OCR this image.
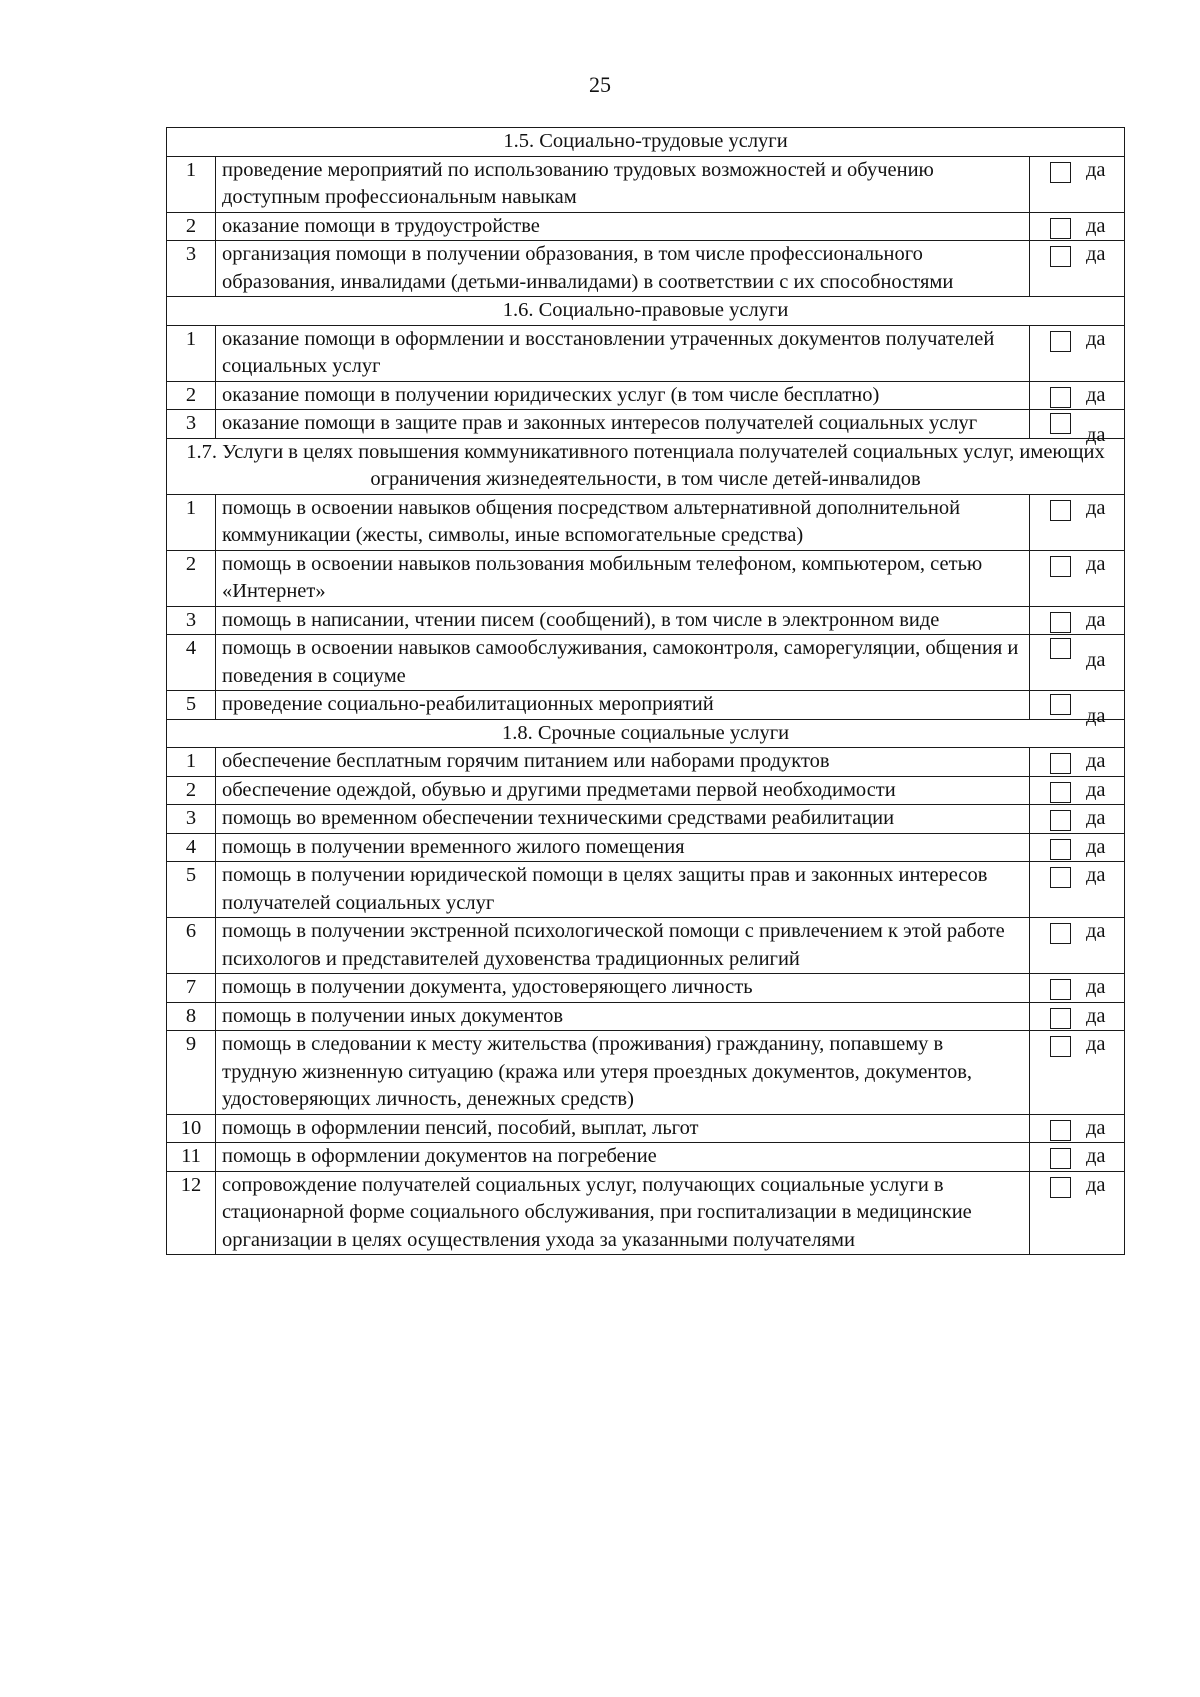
25
1.5. Социально-трудовые услуги		
1	проведение мероприятий по использованию трудовых возможностей и обучению доступным профессиональным навыкам	да

2	оказание помощи в трудоустройстве	да

3	организация помощи в получении образования, в том числе профессионального образования, инвалидами (детьми-инвалидами) в соответствии с их способностями	да

1.6. Социально-правовые услуги		
1	оказание помощи в оформлении и восстановлении утраченных документов получателей социальных услуг	да

2	оказание помощи в получении юридических услуг (в том числе бесплатно)	да

3	оказание помощи в защите прав и законных интересов получателей социальных услуг	да

1.7. Услуги в целях повышения коммуникативного потенциала получателей социальных услуг, имеющих ограничения жизнедеятельности, в том числе детей-инвалидов		
1	помощь в освоении навыков общения посредством альтернативной дополнительной коммуникации (жесты, символы, иные вспомогательные средства)	да

2	помощь в освоении навыков пользования мобильным телефоном, компьютером, сетью «Интернет»	да

3	помощь в написании, чтении писем (сообщений), в том числе в электронном виде	да

4	помощь в освоении навыков самообслуживания, самоконтроля, саморегуляции, общения и поведения в социуме	да

5	проведение социально-реабилитационных мероприятий	да

1.8. Срочные социальные услуги		
1	обеспечение бесплатным горячим питанием или наборами продуктов	да

2	обеспечение одеждой, обувью и другими предметами первой необходимости	да

3	помощь во временном обеспечении техническими средствами реабилитации	да

4	помощь в получении временного жилого помещения	да

5	помощь в получении юридической помощи в целях защиты прав и законных интересов получателей социальных услуг	да

6	помощь в получении экстренной психологической помощи с привлечением к этой работе психологов и представителей духовенства традиционных религий	да

7	помощь в получении документа, удостоверяющего личность	да

8	помощь в получении иных документов	да

9	помощь в следовании к месту жительства (проживания) гражданину, попавшему в трудную жизненную ситуацию (кража или утеря проездных документов, документов, удостоверяющих личность, денежных средств)	да

10	помощь в оформлении пенсий, пособий, выплат, льгот	да

11	помощь в оформлении документов на погребение	да

12	сопровождение получателей социальных услуг, получающих социальные услуги в стационарной форме социального обслуживания, при госпитализации в медицинские организации в целях осуществления ухода за указанными получателями	да
